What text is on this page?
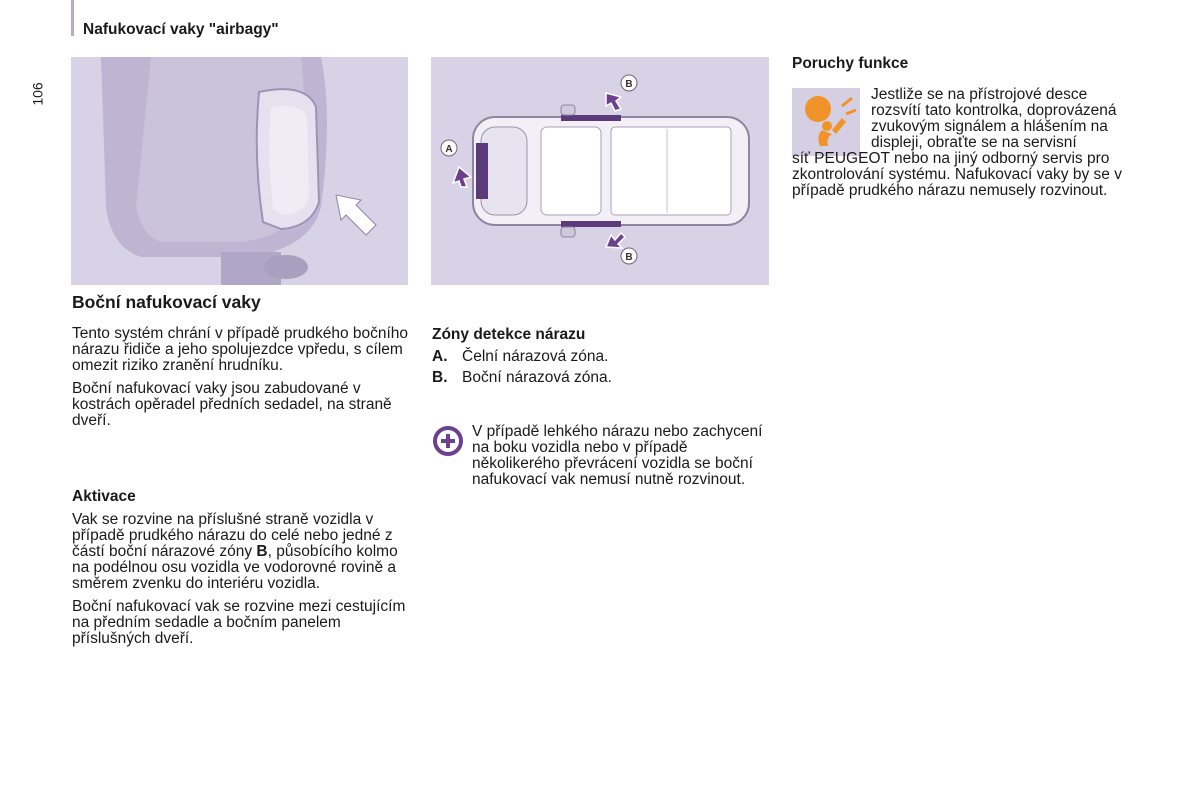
Nafukovací vaky "airbagy"
106
A
B
B
Boční nafukovací vaky

Tento systém chrání v případě prudkého bočního nárazu řidiče a jeho spolujezdce vpředu, s cílem omezit riziko zranění hrudníku.

Boční nafukovací vaky jsou zabudované v kostrách opěradel předních sedadel, na straně dveří.

Aktivace

Vak se rozvine na příslušné straně vozidla v případě prudkého nárazu do celé nebo jedné z částí boční nárazové zóny B, působícího kolmo na podélnou osu vozidla ve vodorovné rovině a směrem zvenku do interiéru vozidla.

Boční nafukovací vak se rozvine mezi cestujícím na předním sedadle a bočním panelem příslušných dveří.

Zóny detekce nárazu
A. Čelní nárazová zóna.
B. Boční nárazová zóna.

V případě lehkého nárazu nebo zachycení na boku vozidla nebo v případě několikerého převrácení vozidla se boční nafukovací vak nemusí nutně rozvinout.

Poruchy funkce

Jestliže se na přístrojové desce rozsvítí tato kontrolka, doprovázená zvukovým signálem a hlášením na displeji, obraťte se na servisní

síť PEUGEOT nebo na jiný odborný servis pro zkontrolování systému. Nafukovací vaky by se v případě prudkého nárazu nemusely rozvinout.
